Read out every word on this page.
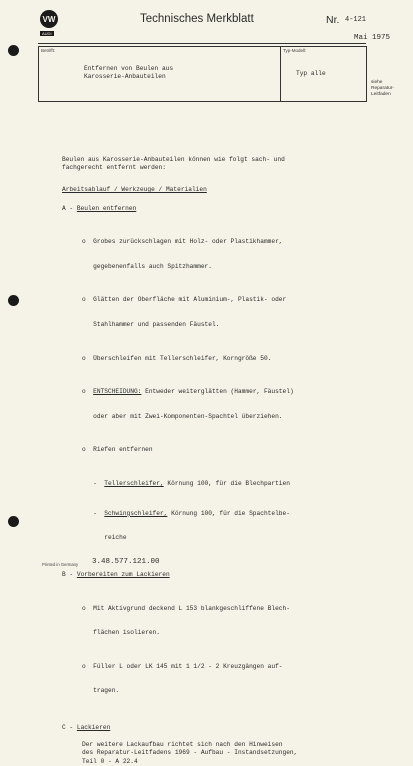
VW
AUDI
Technisches Merkblatt	Nr. 4-121
Mai 1975
Betrifft:	Typ-Modell:
Entfernen von Beulen aus
Karosserie-Anbauteilen	Typ alle
siehe
Reparatur-
Leitfaden

Beulen aus Karosserie-Anbauteilen können wie folgt sach- und

fachgerecht entfernt werden:

Arbeitsablauf / Werkzeuge / Materialien

A - Beulen entfernen

o  Grobes zurückschlagen mit Holz- oder Plastikhammer,

gegebenenfalls auch Spitzhammer.

o  Glätten der Oberfläche mit Aluminium-, Plastik- oder

Stahlhammer und passenden Fäustel.

o  Überschleifen mit Tellerschleifer, Korngröße 50.

o  ENTSCHEIDUNG: Entweder weiterglätten (Hammer, Fäustel)

oder aber mit Zwei-Komponenten-Spachtel überziehen.

o  Riefen entfernen

-  Tellerschleifer, Körnung 100, für die Blechpartien

-  Schwingschleifer, Körnung 100, für die Spachtelbe-

reiche

B - Vorbereiten zum Lackieren

o  Mit Aktivgrund deckend L 153 blankgeschliffene Blech-

flächen isolieren.

o  Füller L oder LK 145 mit 1 1/2 - 2 Kreuzgängen auf-

tragen.

C - Lackieren

Der weitere Lackaufbau richtet sich nach den Hinweisen

des Reparatur-Leitfadens 1969 - Aufbau - Instandsetzungen,

Teil 0 - A 22.4

Printed in Germany 3.48.577.121.00
